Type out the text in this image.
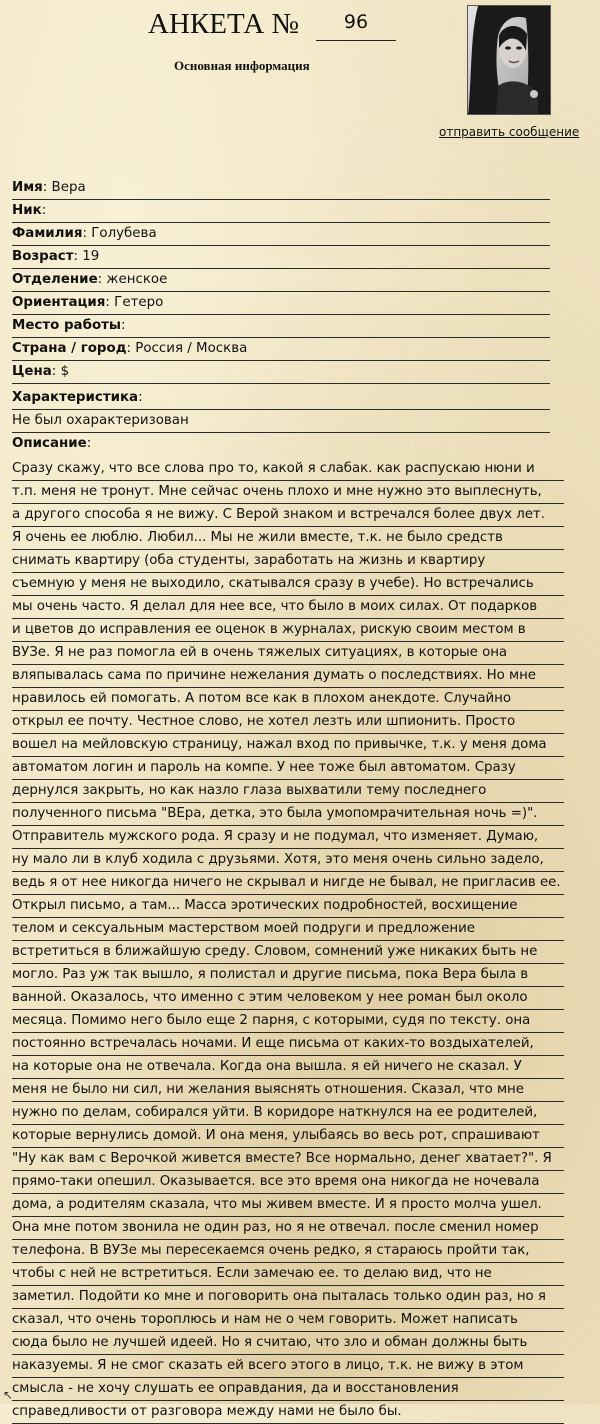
АНКЕТА №	96
Основная информация
отправить сообщение
Имя: Вера
Ник:
Фамилия: Голубева
Возраст: 19
Отделение: женское
Ориентация: Гетеро
Место работы:
Страна / город: Россия / Москва
Цена: $
Характеристика:
Не был охарактеризован
Описание:
Сразу скажу, что все слова про то, какой я слабак. как распускаю нюни и
т.п. меня не тронут. Мне сейчас очень плохо и мне нужно это выплеснуть,
а другого способа я не вижу. С Верой знаком и встречался более двух лет.
Я очень ее люблю. Любил... Мы не жили вместе, т.к. не было средств
снимать квартиру (оба студенты, заработать на жизнь и квартиру
съемную у меня не выходило, скатывался сразу в учебе). Но встречались
мы очень часто. Я делал для нее все, что было в моих силах. От подарков
и цветов до исправления ее оценок в журналах, рискую своим местом в
ВУЗе. Я не раз помогла ей в очень тяжелых ситуациях, в которые она
вляпывалась сама по причине нежелания думать о последствиях. Но мне
нравилось ей помогать. А потом все как в плохом анекдоте. Случайно
открыл ее почту. Честное слово, не хотел лезть или шпионить. Просто
вошел на мейловскую страницу, нажал вход по привычке, т.к. у меня дома
автоматом логин и пароль на компе. У нее тоже был автоматом. Сразу
дернулся закрыть, но как назло глаза выхватили тему последнего
полученного письма "ВЕра, детка, это была умопомрачительная ночь =)".
Отправитель мужского рода. Я сразу и не подумал, что изменяет. Думаю,
ну мало ли в клуб ходила с друзьями. Хотя, это меня очень сильно задело,
ведь я от нее никогда ничего не скрывал и нигде не бывал, не пригласив ее.
Открыл письмо, а там... Масса эротических подробностей, восхищение
телом и сексуальным мастерством моей подруги и предложение
встретиться в ближайшую среду. Словом, сомнений уже никаких быть не
могло. Раз уж так вышло, я полистал и другие письма, пока Вера была в
ванной. Оказалось, что именно с этим человеком у нее роман был около
месяца. Помимо него было еще 2 парня, с которыми, судя по тексту. она
постоянно встречалась ночами. И еще письма от каких-то воздыхателей,
на которые она не отвечала. Когда она вышла. я ей ничего не сказал. У
меня не было ни сил, ни желания выяснять отношения. Сказал, что мне
нужно по делам, собирался уйти. В коридоре наткнулся на ее родителей,
которые вернулись домой. И она меня, улыбаясь во весь рот, спрашивают
"Ну как вам с Верочкой живется вместе? Все нормально, денег хватает?". Я
прямо-таки опешил. Оказывается. все это время она никогда не ночевала
дома, а родителям сказала, что мы живем вместе. И я просто молча ушел.
Она мне потом звонила не один раз, но я не отвечал. после сменил номер
телефона. В ВУЗе мы пересекаемся очень редко, я стараюсь пройти так,
чтобы с ней не встретиться. Если замечаю ее. то делаю вид, что не
заметил. Подойти ко мне и поговорить она пыталась только один раз, но я
сказал, что очень тороплюсь и нам не о чем говорить. Может написать
сюда было не лучшей идеей. Но я считаю, что зло и обман должны быть
наказуемы. Я не смог сказать ей всего этого в лицо, т.к. не вижу в этом
смысла - не хочу слушать ее оправдания, да и восстановления
справедливости от разговора между нами не было бы.
↖
